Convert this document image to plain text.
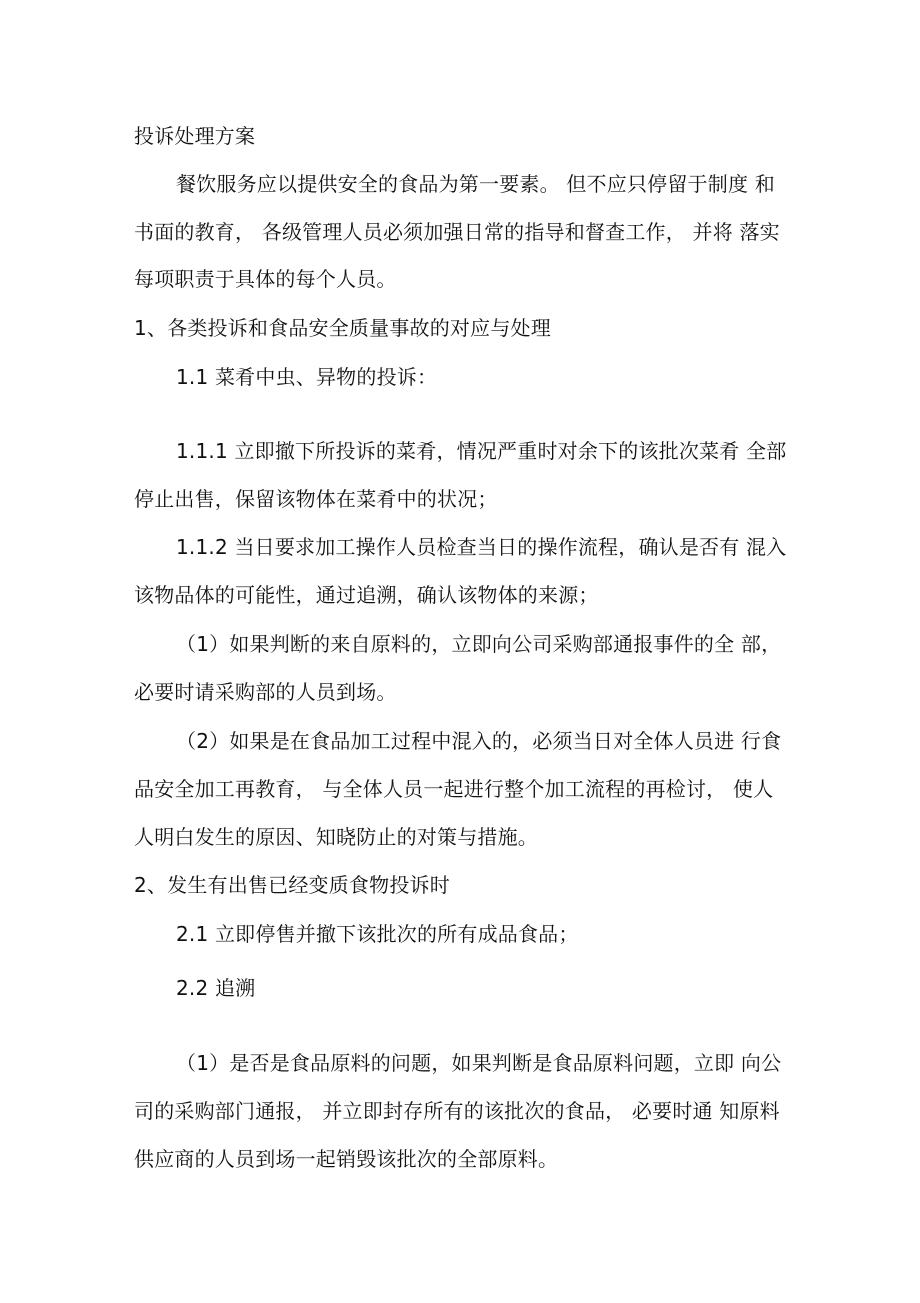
投诉处理方案
餐饮服务应以提供安全的食品为第一要素。 但不应只停留于制度 和
书面的教育， 各级管理人员必须加强日常的指导和督查工作， 并将 落实
每项职责于具体的每个人员。
1、各类投诉和食品安全质量事故的对应与处理
1.1 菜肴中虫、异物的投诉：
1.1.1 立即撤下所投诉的菜肴，情况严重时对余下的该批次菜肴 全部
停止出售，保留该物体在菜肴中的状况；
1.1.2 当日要求加工操作人员检查当日的操作流程，确认是否有 混入
该物品体的可能性，通过追溯，确认该物体的来源；
（1）如果判断的来自原料的，立即向公司采购部通报事件的全 部，
必要时请采购部的人员到场。
（2）如果是在食品加工过程中混入的，必须当日对全体人员进 行食
品安全加工再教育， 与全体人员一起进行整个加工流程的再检讨， 使人
人明白发生的原因、知晓防止的对策与措施。
2、发生有出售已经变质食物投诉时
2.1 立即停售并撤下该批次的所有成品食品；
2.2 追溯
（1）是否是食品原料的问题，如果判断是食品原料问题，立即 向公
司的采购部门通报， 并立即封存所有的该批次的食品， 必要时通 知原料
供应商的人员到场一起销毁该批次的全部原料。
